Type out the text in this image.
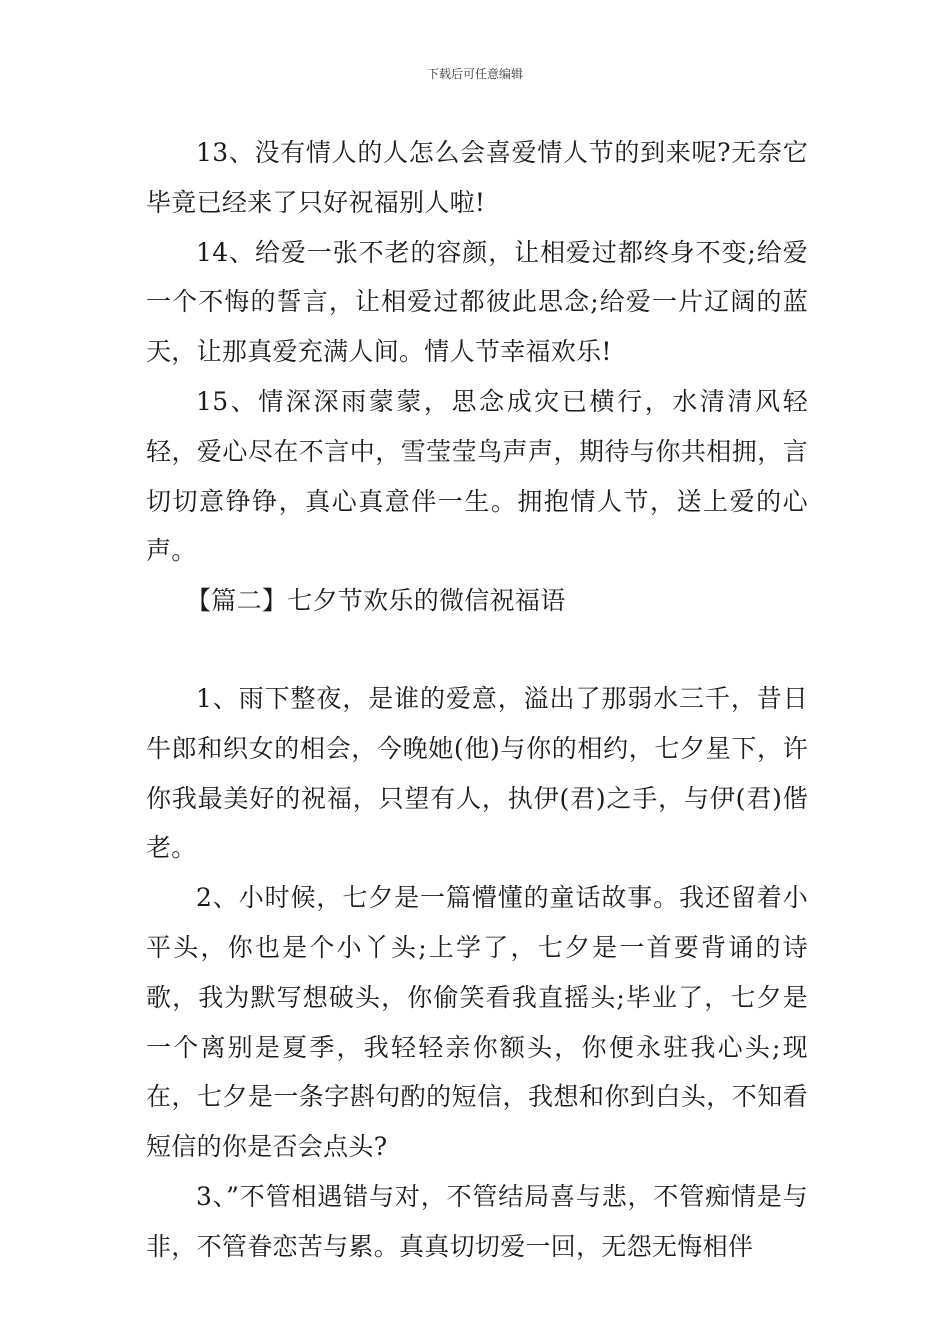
下载后可任意编辑

13、没有情人的人怎么会喜爱情人节的到来呢?无奈它毕竟已经来了只好祝福别人啦!

14、给爱一张不老的容颜，让相爱过都终身不变;给爱一个不悔的誓言，让相爱过都彼此思念;给爱一片辽阔的蓝天，让那真爱充满人间。情人节幸福欢乐!

15、情深深雨蒙蒙，思念成灾已横行，水清清风轻轻，爱心尽在不言中，雪莹莹鸟声声，期待与你共相拥，言切切意铮铮，真心真意伴一生。拥抱情人节，送上爱的心声。

【篇二】七夕节欢乐的微信祝福语

1、雨下整夜，是谁的爱意，溢出了那弱水三千，昔日牛郎和织女的相会，今晚她(他)与你的相约，七夕星下，许你我最美好的祝福，只望有人，执伊(君)之手，与伊(君)偕老。

2、小时候，七夕是一篇懵懂的童话故事。我还留着小平头，你也是个小丫头;上学了，七夕是一首要背诵的诗歌，我为默写想破头，你偷笑看我直摇头;毕业了，七夕是一个离别是夏季，我轻轻亲你额头，你便永驻我心头;现在，七夕是一条字斟句酌的短信，我想和你到白头，不知看短信的你是否会点头?

3、”不管相遇错与对，不管结局喜与悲，不管痴情是与非，不管眷恋苦与累。真真切切爱一回，无怨无悔相伴
